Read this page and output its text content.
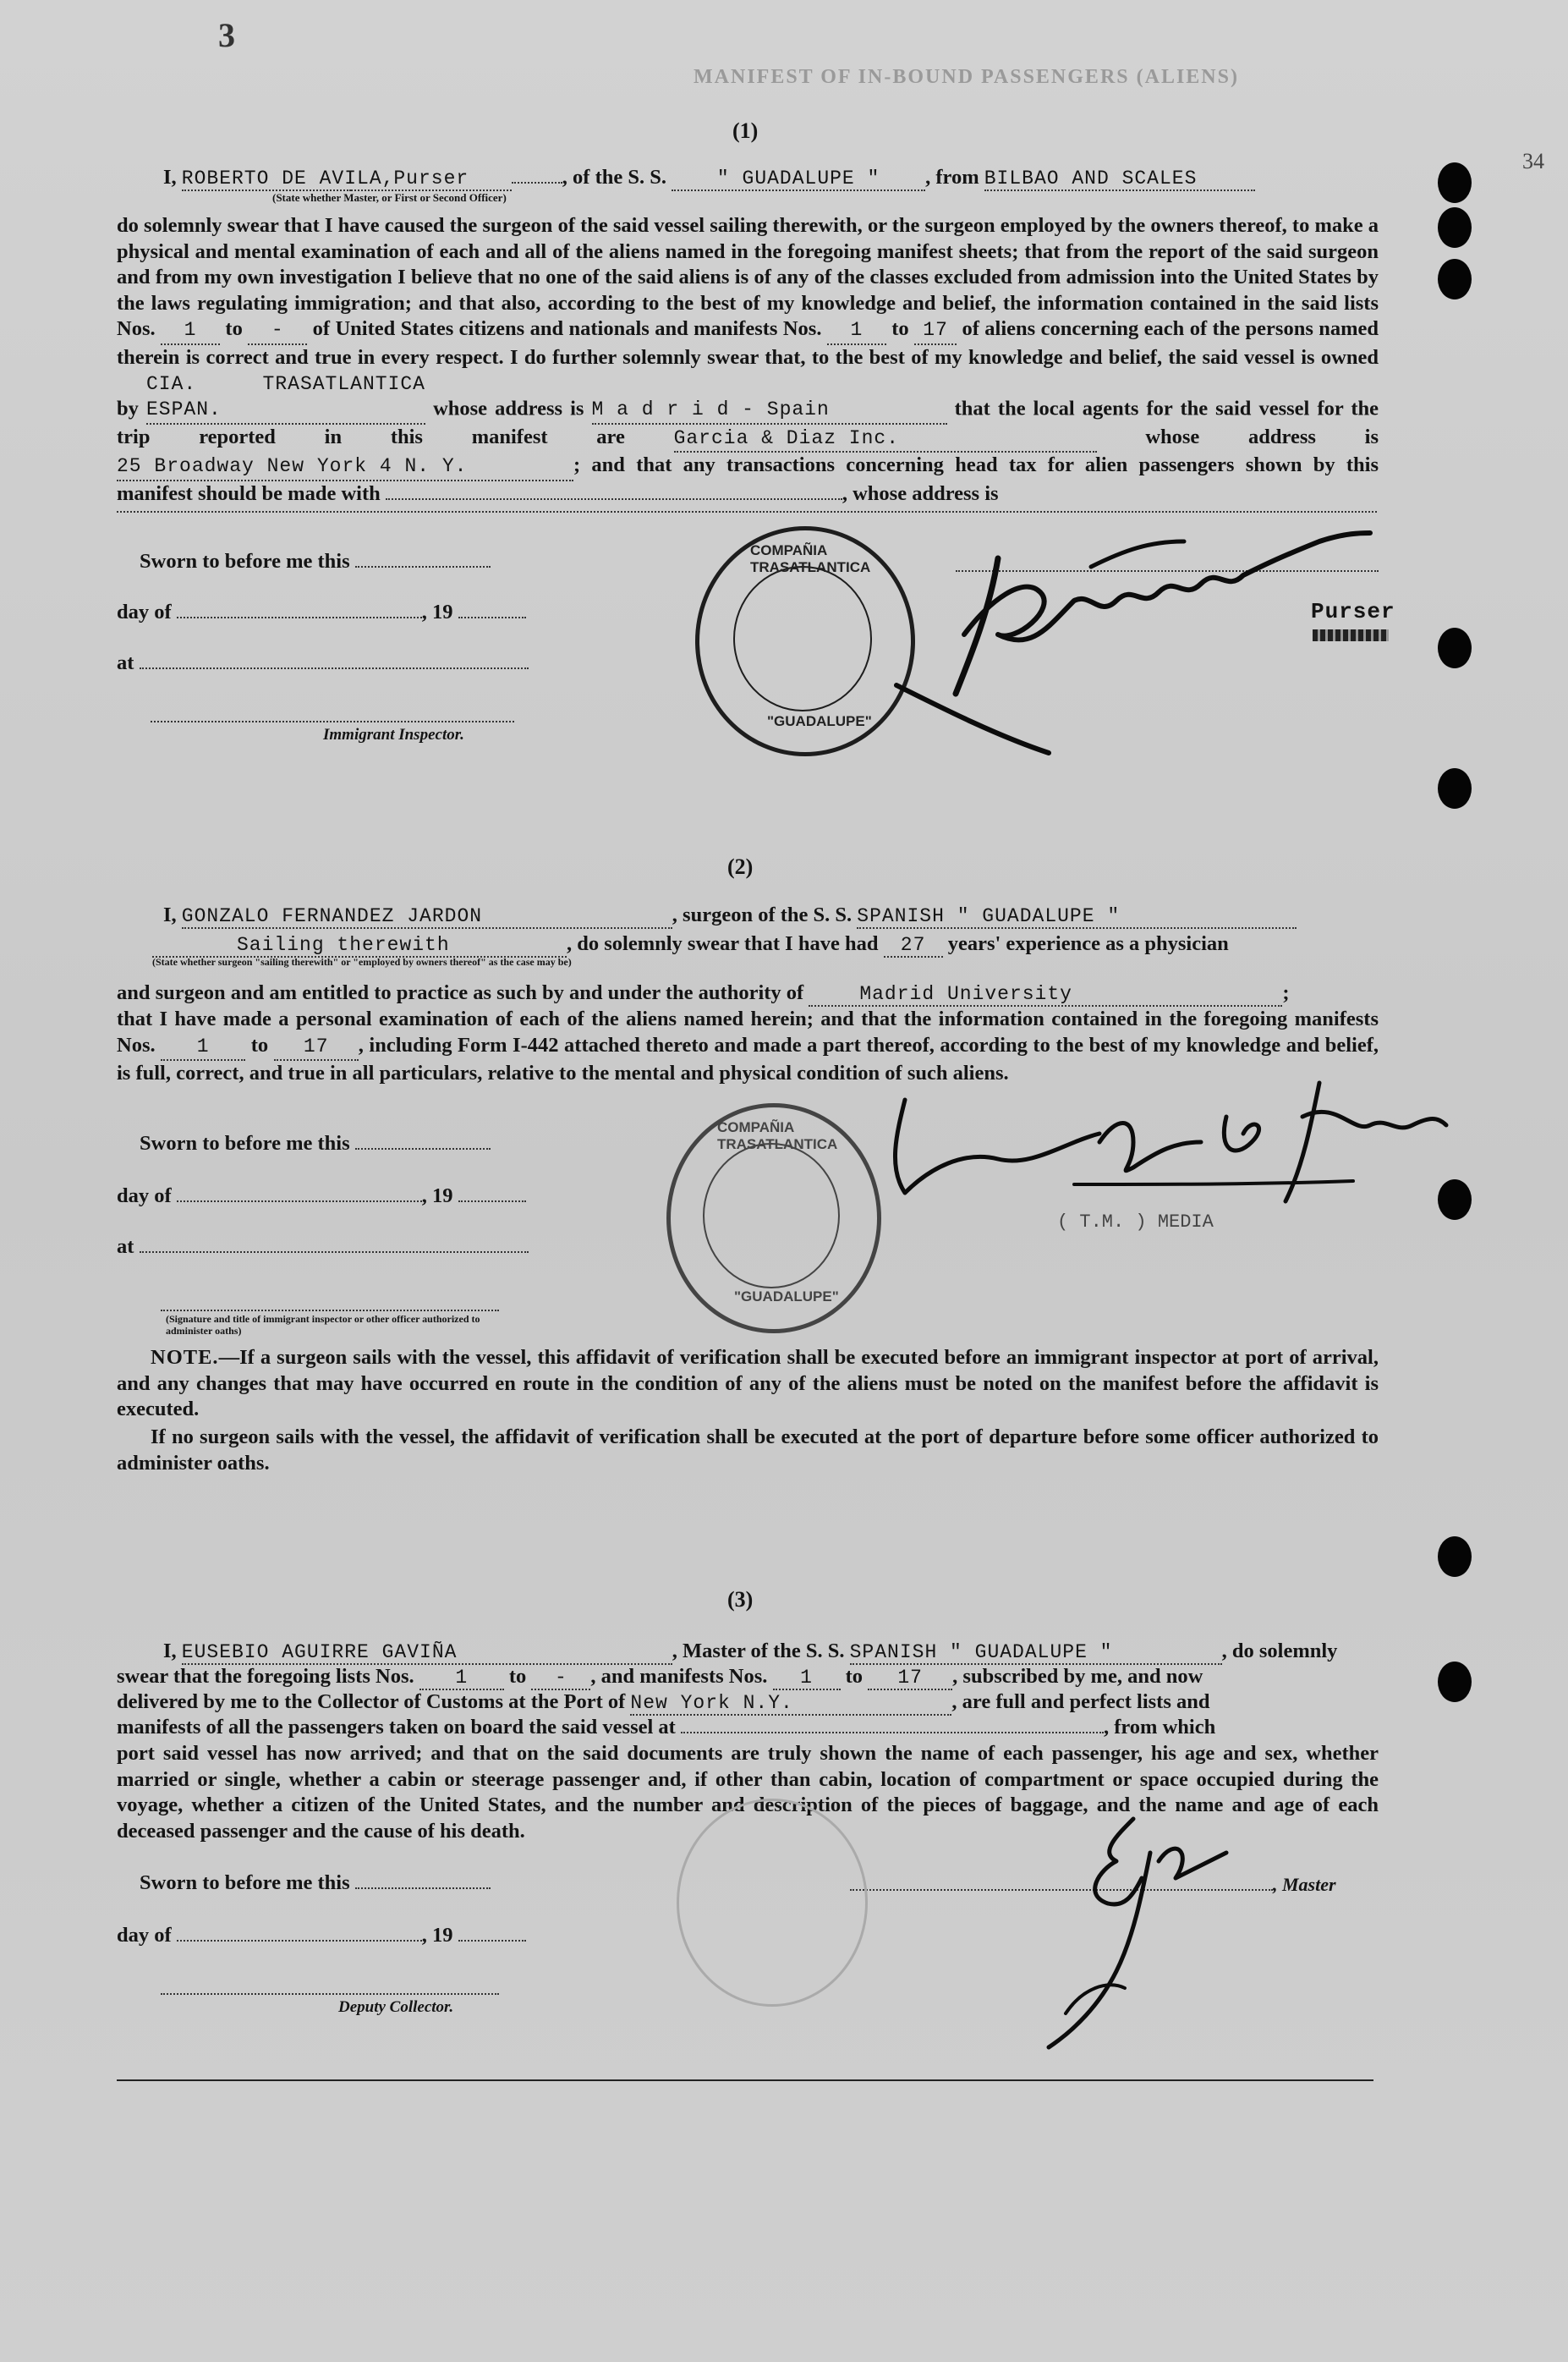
3
MANIFEST OF IN-BOUND PASSENGERS (ALIENS)
34
(1)
I, ROBERTO DE AVILA,Purser	, of the S. S.	" GUADALUPE " , from BILBAO AND SCALES
(State whether Master, or First or Second Officer)
do solemnly swear that I have caused the surgeon of the said vessel sailing therewith, or the surgeon employed by the owners thereof, to make a physical and mental examination of each and all of the aliens named in the foregoing manifest sheets; that from the report of the said surgeon and from my own investigation I believe that no one of the said aliens is of any of the classes excluded from admission into the United States by the laws regulating immigration; and that also, according to the best of my knowledge and belief, the information contained in the said lists Nos. 1 to - of United States citizens and nationals and manifests Nos. 1 to 17 of aliens concerning each of the persons named therein is correct and true in every respect. I do further solemnly swear that, to the best of my knowledge and belief, the said vessel is owned by CIA. TRASATLANTICA ESPAN.	whose address is M a d r i d - Spain	that the local agents for the said vessel for the trip reported in this manifest are	Garcia & Diaz Inc.	whose address is 25 Broadway New York 4 N. Y.	; and that any transactions concerning head tax for alien passengers shown by this manifest should be made with	, whose address is
Sworn to before me this
day of	, 19
at
Immigrant Inspector.
Purser
COMPAÑIA TRASATLANTICA
"GUADALUPE"
(2)
I, GONZALO FERNANDEZ JARDON	, surgeon of the S. S. SPANISH " GUADALUPE "
Sailing therewith	, do solemnly swear that I have had 27 years' experience as a physician
(State whether surgeon "sailing therewith" or "employed by owners thereof" as the case may be)
and surgeon and am entitled to practice as such by and under the authority of	Madrid University	;
that I have made a personal examination of each of the aliens named herein; and that the information contained in the foregoing manifests Nos. 1 to 17 , including Form I-442 attached thereto and made a part thereof, according to the best of my knowledge and belief, is full, correct, and true in all particulars, relative to the mental and physical condition of such aliens.
Sworn to before me this
day of	, 19
at
(Signature and title of immigrant inspector or other officer authorized to administer oaths)
COMPAÑIA TRASATLANTICA
"GUADALUPE"
( T.M. ) MEDIA
NOTE.—If a surgeon sails with the vessel, this affidavit of verification shall be executed before an immigrant inspector at port of arrival, and any changes that may have occurred en route in the condition of any of the aliens must be noted on the manifest before the affidavit is executed.
If no surgeon sails with the vessel, the affidavit of verification shall be executed at the port of departure before some officer authorized to administer oaths.
(3)
I, EUSEBIO AGUIRRE GAVIÑA	, Master of the S. S. SPANISH " GUADALUPE "	, do solemnly
swear that the foregoing lists Nos. 1 to - , and manifests Nos. 1 to 17 , subscribed by me, and now
delivered by me to the Collector of Customs at the Port of New York N.Y.	, are full and perfect lists and
manifests of all the passengers taken on board the said vessel at	, from which
port said vessel has now arrived; and that on the said documents are truly shown the name of each passenger, his age and sex, whether married or single, whether a cabin or steerage passenger and, if other than cabin, location of compartment or space occupied during the voyage, whether a citizen of the United States, and the number and description of the pieces of baggage, and the name and age of each deceased passenger and the cause of his death.
Sworn to before me this
day of	, 19
Deputy Collector.
, Master
